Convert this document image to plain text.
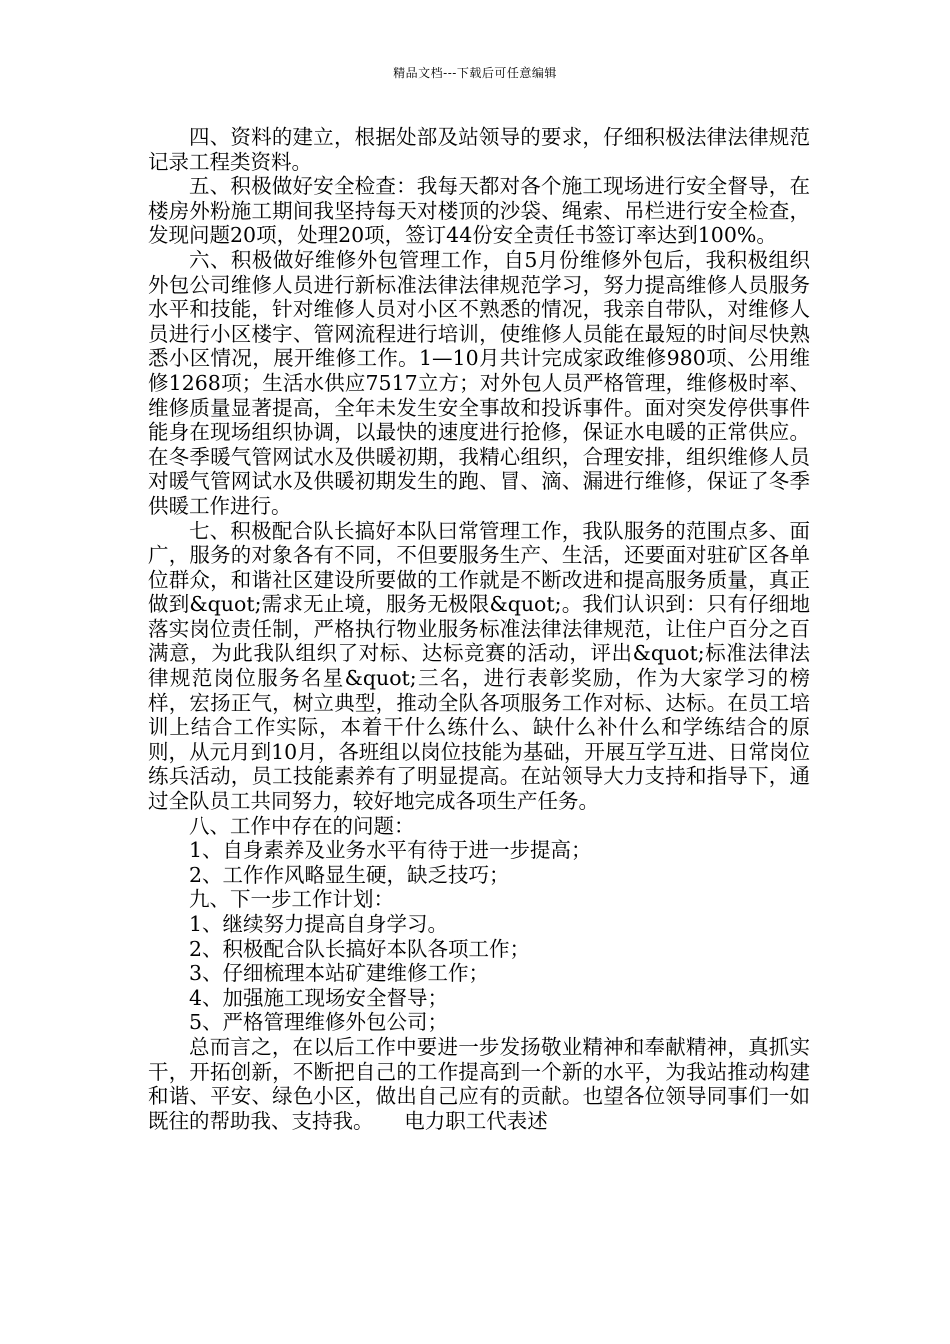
精品文档---下载后可任意编辑

四、资料的建立，根据处部及站领导的要求，仔细积极法律法律规范记录工程类资料。

五、积极做好安全检查：我每天都对各个施工现场进行安全督导，在楼房外粉施工期间我坚持每天对楼顶的沙袋、绳索、吊栏进行安全检查，发现问题20项，处理20项，签订44份安全责任书签订率达到100%。

六、积极做好维修外包管理工作，自5月份维修外包后，我积极组织外包公司维修人员进行新标准法律法律规范学习，努力提高维修人员服务水平和技能，针对维修人员对小区不熟悉的情况，我亲自带队，对维修人员进行小区楼宇、管网流程进行培训，使维修人员能在最短的时间尽快熟悉小区情况，展开维修工作。1—10月共计完成家政维修980项、公用维修1268项；生活水供应7517立方；对外包人员严格管理，维修极时率、维修质量显著提高，全年未发生安全事故和投诉事件。面对突发停供事件能身在现场组织协调，以最快的速度进行抢修，保证水电暖的正常供应。在冬季暖气管网试水及供暖初期，我精心组织，合理安排，组织维修人员对暖气管网试水及供暖初期发生的跑、冒、滴、漏进行维修，保证了冬季供暖工作进行。

七、积极配合队长搞好本队曰常管理工作，我队服务的范围点多、面广，服务的对象各有不同，不但要服务生产、生活，还要面对驻矿区各单位群众，和谐社区建设所要做的工作就是不断改进和提高服务质量，真正做到&quot;需求无止境，服务无极限&quot;。我们认识到：只有仔细地落实岗位责任制，严格执行物业服务标准法律法律规范，让住户百分之百满意，为此我队组织了对标、达标竞赛的活动，评出&quot;标准法律法律规范岗位服务名星&quot;三名，进行表彰奖励，作为大家学习的榜样，宏扬正气，树立典型，推动全队各项服务工作对标、达标。在员工培训上结合工作实际，本着干什么练什么、缺什么补什么和学练结合的原则，从元月到10月，各班组以岗位技能为基础，开展互学互进、日常岗位练兵活动，员工技能素养有了明显提高。在站领导大力支持和指导下，通过全队员工共同努力，较好地完成各项生产任务。

八、工作中存在的问题：

1、自身素养及业务水平有待于进一步提高；

2、工作作风略显生硬，缺乏技巧；

九、下一步工作计划：

1、继续努力提高自身学习。

2、积极配合队长搞好本队各项工作；

3、仔细梳理本站矿建维修工作；

4、加强施工现场安全督导；

5、严格管理维修外包公司；

总而言之，在以后工作中要进一步发扬敬业精神和奉献精神，真抓实干，开拓创新，不断把自己的工作提高到一个新的水平，为我站推动构建和谐、平安、绿色小区，做出自己应有的贡献。也望各位领导同事们一如既往的帮助我、支持我。　　电力职工代表述
